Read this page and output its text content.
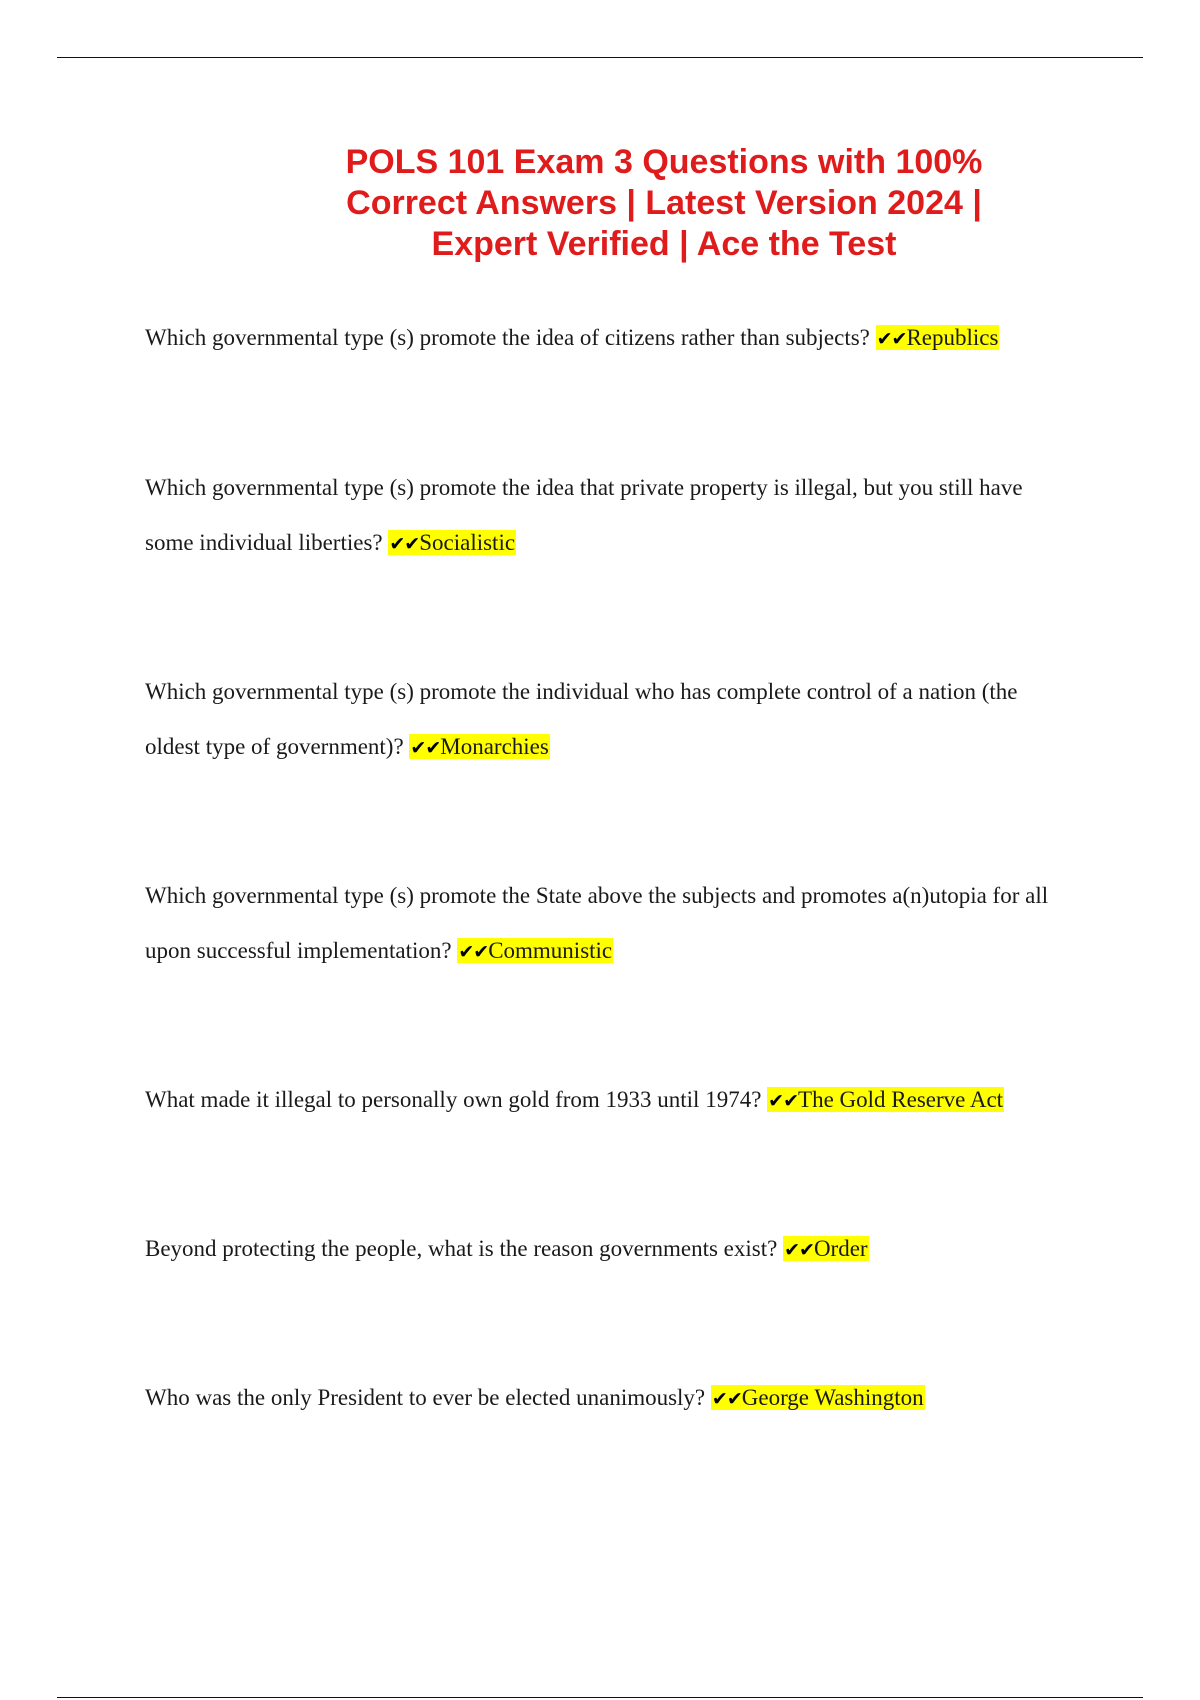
POLS 101 Exam 3 Questions with 100%
Correct Answers | Latest Version 2024 |
Expert Verified | Ace the Test

Which governmental type (s) promote the idea of citizens rather than subjects? ✔✔Republics

Which governmental type (s) promote the idea that private property is illegal, but you still have some individual liberties? ✔✔Socialistic

Which governmental type (s) promote the individual who has complete control of a nation (the oldest type of government)? ✔✔Monarchies

Which governmental type (s) promote the State above the subjects and promotes a(n)utopia for all upon successful implementation? ✔✔Communistic

What made it illegal to personally own gold from 1933 until 1974? ✔✔The Gold Reserve Act

Beyond protecting the people, what is the reason governments exist? ✔✔Order

Who was the only President to ever be elected unanimously? ✔✔George Washington
